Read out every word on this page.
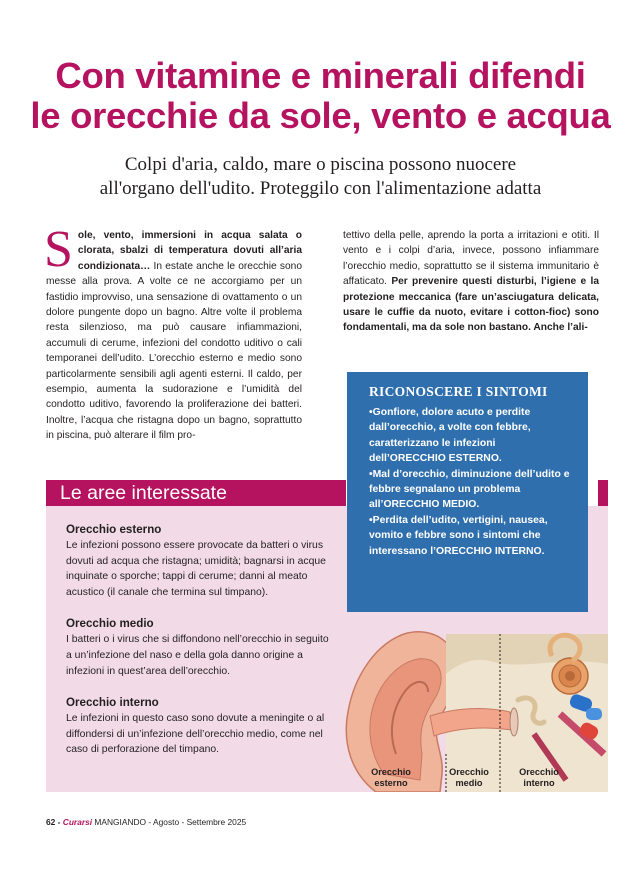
Con vitamine e minerali difendi
le orecchie da sole, vento e acqua
Colpi d'aria, caldo, mare o piscina possono nuocere
all'organo dell'udito. Proteggilo con l'alimentazione adatta
Sole, vento, immersioni in acqua salata o clorata, sbalzi di temperatura dovuti all’aria condizionata… In estate anche le orecchie sono messe alla prova. A volte ce ne accorgiamo per un fastidio improvviso, una sensazione di ovattamento o un dolore pungente dopo un bagno. Altre volte il problema resta silenzioso, ma può causare infiammazioni, accumuli di cerume, infezioni del condotto uditivo o cali temporanei dell’udito. L’orecchio esterno e medio sono particolarmente sensibili agli agenti esterni. Il caldo, per esempio, aumenta la sudorazione e l’umidità del condotto uditivo, favorendo la proliferazione dei batteri. Inoltre, l’acqua che ristagna dopo un bagno, soprattutto in piscina, può alterare il film pro-
tettivo della pelle, aprendo la porta a irritazioni e otiti. Il vento e i colpi d’aria, invece, possono infiammare l’orecchio medio, soprattutto se il sistema immunitario è affaticato. Per prevenire questi disturbi, l’igiene e la protezione meccanica (fare un’asciugatura delicata, usare le cuffie da nuoto, evitare i cotton-fioc) sono fondamentali, ma da sole non bastano. Anche l’ali-
Le aree interessate
Orecchio esterno

Le infezioni possono essere provocate da batteri o virus dovuti ad acqua che ristagna; umidità; bagnarsi in acque inquinate o sporche; tappi di cerume; danni al meato acustico (il canale che termina sul timpano).

Orecchio medio

I batteri o i virus che si diffondono nell’orecchio in seguito a un’infezione del naso e della gola danno origine a infezioni in quest’area dell’orecchio.

Orecchio interno

Le infezioni in questo caso sono dovute a meningite o al diffondersi di un’infezione dell’orecchio medio, come nel caso di perforazione del timpano.

Orecchio
esterno
Orecchio
medio
Orecchio
interno
RICONOSCERE I SINTOMI

•Gonfiore, dolore acuto e perdite dall’orecchio, a volte con febbre, caratterizzano le infezioni dell’ORECCHIO ESTERNO.

•Mal d’orecchio, diminuzione dell’udito e febbre segnalano un problema all’ORECCHIO MEDIO.

•Perdita dell’udito, vertigini, nausea, vomito e febbre sono i sintomi che interessano l’ORECCHIO INTERNO.

62 - Curarsi MANGIANDO - Agosto - Settembre 2025
